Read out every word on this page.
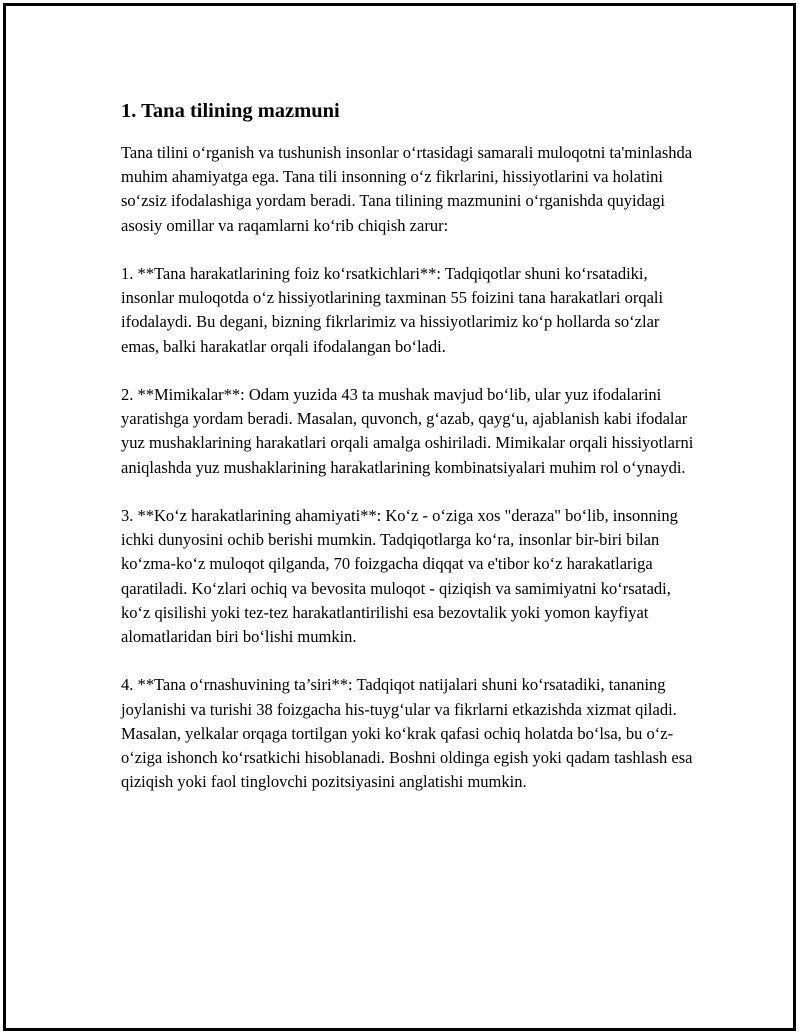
1. Tana tilining mazmuni

Tana tilini o‘rganish va tushunish insonlar o‘rtasidagi samarali muloqotni ta'minlashda muhim ahamiyatga ega. Tana tili insonning o‘z fikrlarini, hissiyotlarini va holatini so‘zsiz ifodalashiga yordam beradi. Tana tilining mazmunini o‘rganishda quyidagi asosiy omillar va raqamlarni ko‘rib chiqish zarur:

1. **Tana harakatlarining foiz ko‘rsatkichlari**: Tadqiqotlar shuni ko‘rsatadiki, insonlar muloqotda o‘z hissiyotlarining taxminan 55 foizini tana harakatlari orqali ifodalaydi. Bu degani, bizning fikrlarimiz va hissiyotlarimiz ko‘p hollarda so‘zlar emas, balki harakatlar orqali ifodalangan bo‘ladi.

2. **Mimikalar**: Odam yuzida 43 ta mushak mavjud bo‘lib, ular yuz ifodalarini yaratishga yordam beradi. Masalan, quvonch, g‘azab, qayg‘u, ajablanish kabi ifodalar yuz mushaklarining harakatlari orqali amalga oshiriladi. Mimikalar orqali hissiyotlarni aniqlashda yuz mushaklarining harakatlarining kombinatsiyalari muhim rol o‘ynaydi.

3. **Ko‘z harakatlarining ahamiyati**: Ko‘z - o‘ziga xos "deraza" bo‘lib, insonning ichki dunyosini ochib berishi mumkin. Tadqiqotlarga ko‘ra, insonlar bir-biri bilan ko‘zma-ko‘z muloqot qilganda, 70 foizgacha diqqat va e'tibor ko‘z harakatlariga qaratiladi. Ko‘zlari ochiq va bevosita muloqot - qiziqish va samimiyatni ko‘rsatadi, ko‘z qisilishi yoki tez-tez harakatlantirilishi esa bezovtalik yoki yomon kayfiyat alomatlaridan biri bo‘lishi mumkin.

4. **Tana o‘rnashuvining ta’siri**: Tadqiqot natijalari shuni ko‘rsatadiki, tananing joylanishi va turishi 38 foizgacha his-tuyg‘ular va fikrlarni etkazishda xizmat qiladi. Masalan, yelkalar orqaga tortilgan yoki ko‘krak qafasi ochiq holatda bo‘lsa, bu o‘z-o‘ziga ishonch ko‘rsatkichi hisoblanadi. Boshni oldinga egish yoki qadam tashlash esa qiziqish yoki faol tinglovchi pozitsiyasini anglatishi mumkin.
